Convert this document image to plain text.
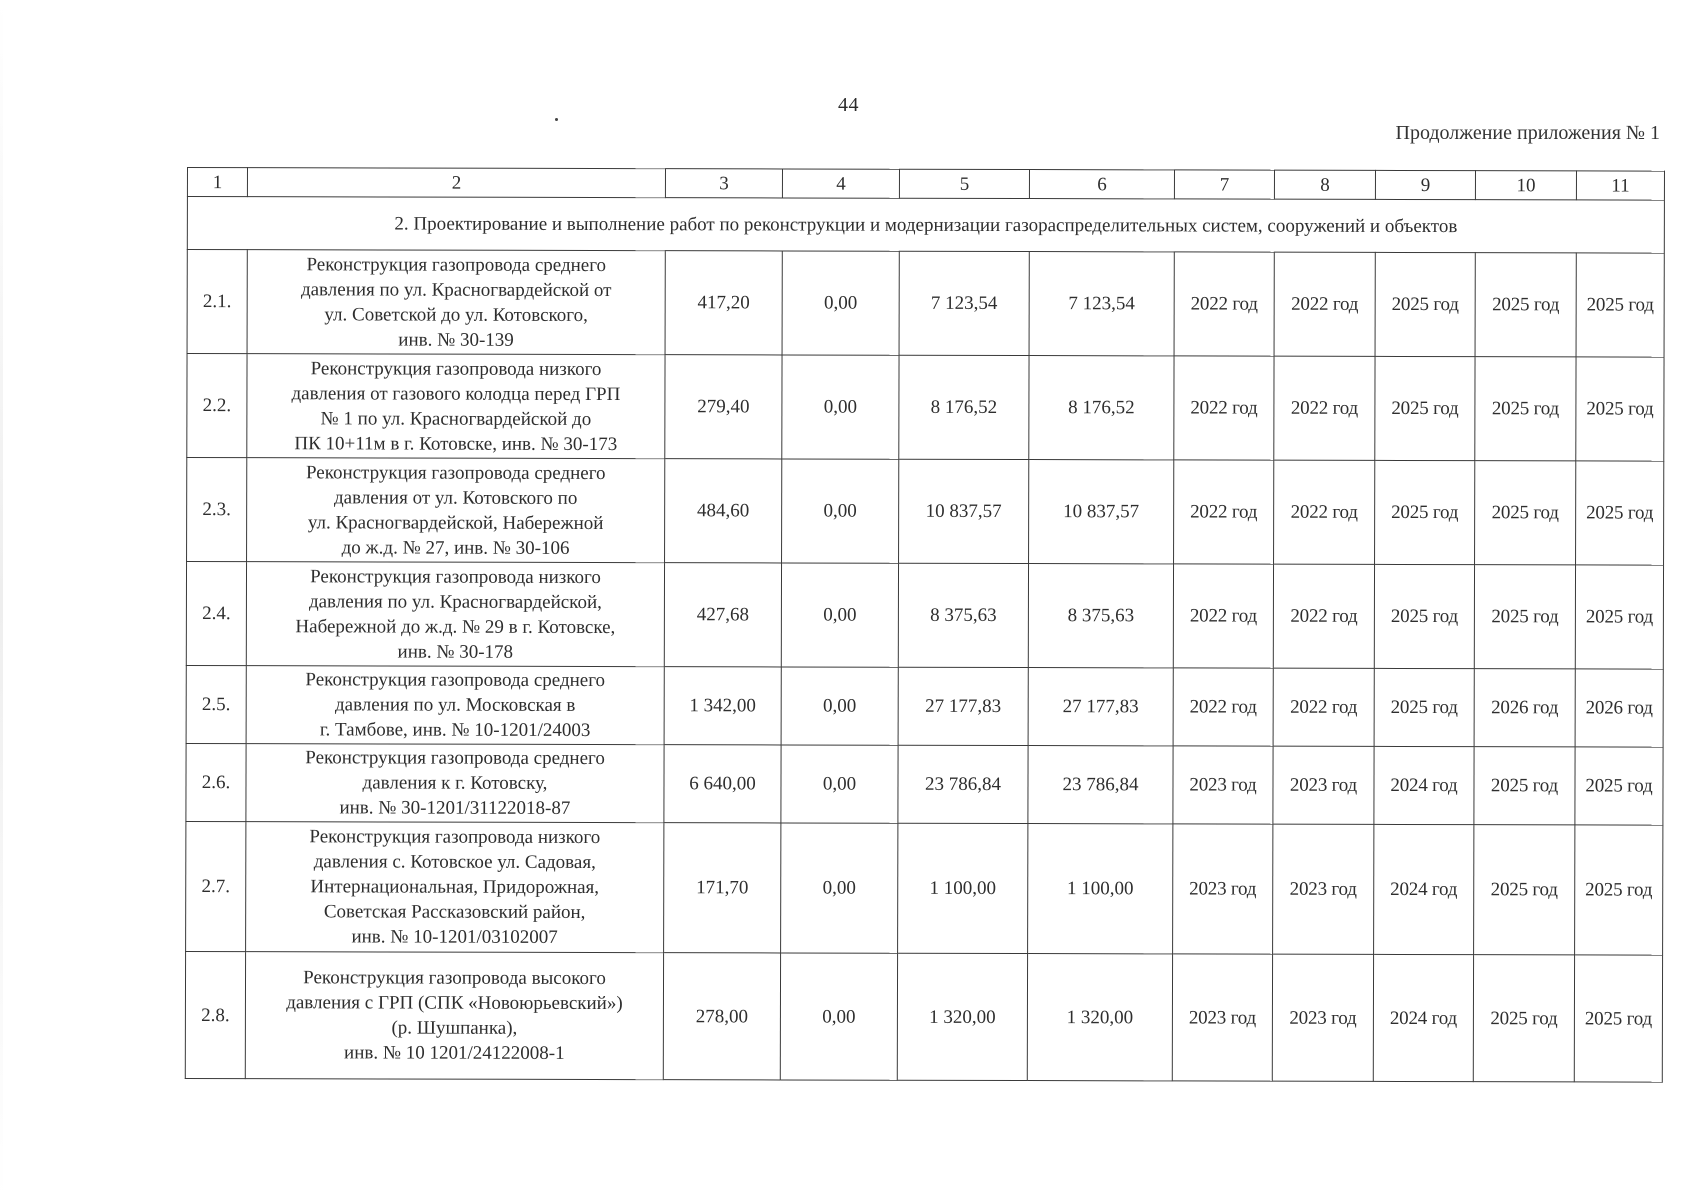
44
Продолжение приложения № 1
1	2	3	4	5	6	7	8	9	10	11
2. Проектирование и выполнение работ по реконструкции и модернизации газораспределительных систем, сооружений и объектов										
2.1.	Реконструкция газопровода среднего
давления по ул. Красногвардейской от
ул. Советской до ул. Котовского,
инв. № 30-139	417,20	0,00	7 123,54	7 123,54	2022 год	2022 год	2025 год	2025 год	2025 год
2.2.	Реконструкция газопровода низкого
давления от газового колодца перед ГРП
№ 1 по ул. Красногвардейской до
ПК 10+11м в г. Котовске, инв. № 30-173	279,40	0,00	8 176,52	8 176,52	2022 год	2022 год	2025 год	2025 год	2025 год
2.3.	Реконструкция газопровода среднего
давления от ул. Котовского по
ул. Красногвардейской, Набережной
до ж.д. № 27, инв. № 30-106	484,60	0,00	10 837,57	10 837,57	2022 год	2022 год	2025 год	2025 год	2025 год
2.4.	Реконструкция газопровода низкого
давления по ул. Красногвардейской,
Набережной до ж.д. № 29 в г. Котовске,
инв. № 30-178	427,68	0,00	8 375,63	8 375,63	2022 год	2022 год	2025 год	2025 год	2025 год
2.5.	Реконструкция газопровода среднего
давления по ул. Московская в
г. Тамбове, инв. № 10-1201/24003	1 342,00	0,00	27 177,83	27 177,83	2022 год	2022 год	2025 год	2026 год	2026 год
2.6.	Реконструкция газопровода среднего
давления к г. Котовску,
инв. № 30-1201/31122018-87	6 640,00	0,00	23 786,84	23 786,84	2023 год	2023 год	2024 год	2025 год	2025 год
2.7.	Реконструкция газопровода низкого
давления с. Котовское ул. Садовая,
Интернациональная, Придорожная,
Советская Рассказовский район,
инв. № 10-1201/03102007	171,70	0,00	1 100,00	1 100,00	2023 год	2023 год	2024 год	2025 год	2025 год
2.8.	Реконструкция газопровода высокого
давления с ГРП (СПК «Новоюрьевский»)
(р. Шушпанка),
инв. № 10 1201/24122008-1	278,00	0,00	1 320,00	1 320,00	2023 год	2023 год	2024 год	2025 год	2025 год
